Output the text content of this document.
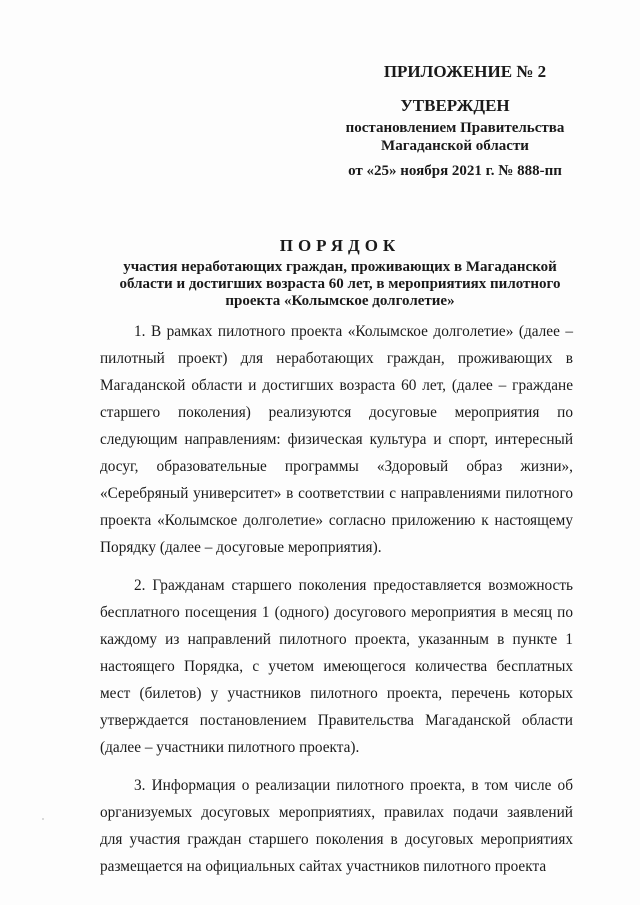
ПРИЛОЖЕНИЕ № 2
УТВЕРЖДЕН
постановлением Правительства
Магаданской области
от «25» ноября 2021 г. № 888-пп
ПОРЯДОК
участия неработающих граждан, проживающих в Магаданской
области и достигших возраста 60 лет, в мероприятиях пилотного
проекта «Колымское долголетие»

1. В рамках пилотного проекта «Колымское долголетие» (далее – пилотный проект) для неработающих граждан, проживающих в Магаданской области и достигших возраста 60 лет, (далее – граждане старшего поколения) реализуются досуговые мероприятия по следующим направлениям: физическая культура и спорт, интересный досуг, образовательные программы «Здоровый образ жизни», «Серебряный университет» в соответствии с направлениями пилотного проекта «Колымское долголетие» согласно приложению к настоящему Порядку (далее – досуговые мероприятия).

2. Гражданам старшего поколения предоставляется возможность бесплатного посещения 1 (одного) досугового мероприятия в месяц по каждому из направлений пилотного проекта, указанным в пункте 1 настоящего Порядка, с учетом имеющегося количества бесплатных мест (билетов) у участников пилотного проекта, перечень которых утверждается постановлением Правительства Магаданской области (далее – участники пилотного проекта).

3. Информация о реализации пилотного проекта, в том числе об организуемых досуговых мероприятиях, правилах подачи заявлений для участия граждан старшего поколения в досуговых мероприятиях размещается на официальных сайтах участников пилотного проекта
